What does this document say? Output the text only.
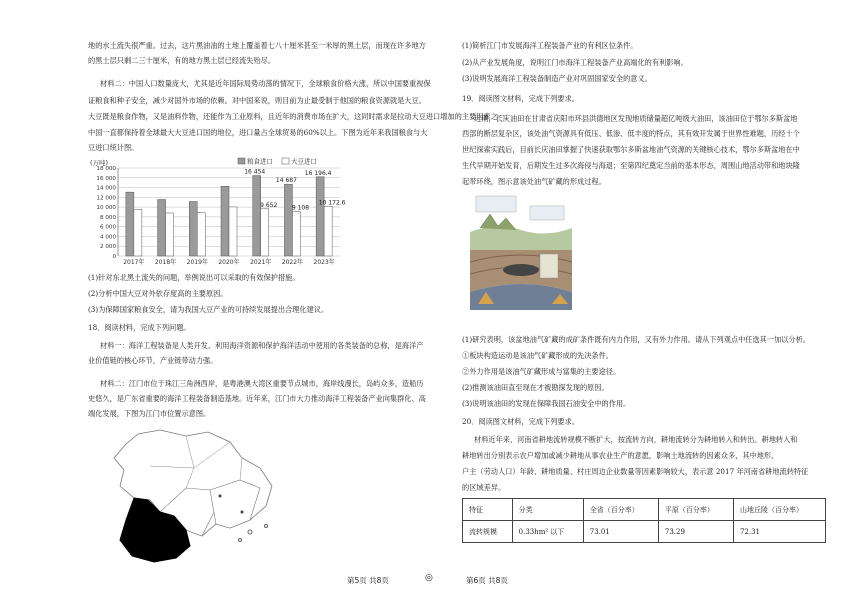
地的水土流失很严重。过去，这片黑油油的土地上覆盖着七八十厘米甚至一米厚的黑土层，而现在许多地方

的黑土层只剩二三十厘米，有的地方黑土层已经流失殆尽。

材料二：中国人口数量庞大，尤其是近年国际局势动荡的情况下，全球粮食价格大涨，所以中国要重视保

证粮食和种子安全，减少对国外市场的依赖。对中国来说，则目前为止最受制于他国的粮食资源就是大豆。

大豆既是粮食作物，又是油料作物，还能作为工业原料，且近年的消费市场在扩大，这同时需求是拉动大豆进口增加的主要因素之一。

中国一直都保持着全球最大大豆进口国的地位，进口量占全球贸易的60%以上。下图为近年来我国粮食与大

豆进口统计图。

(万吨)
0
2 000
4 000
6 000
8 000
10 000
12 000
14 000
16 000
18 000
粮食进口	大豆进口
2017年 2018年 2019年 2020年 2021年
16 454
9 652
2022年
14 687
9 108
2023年
16 196.4
10 172.6

(1)针对东北黑土流失的问题，举例说出可以采取的有效保护措施。

(2)分析中国大豆对外依存度高的主要原因。

(3)为保障国家粮食安全，请为我国大豆产业的可持续发展提出合理化建议。

18．阅读材料，完成下列问题。

材料一：海洋工程装备是人类开发、利用海洋资源和保护海洋活动中使用的各类装备的总称，是海洋产

业价值链的核心环节，产业链带动力强。

材料二：江门市位于珠江三角洲西岸，是粤港澳大湾区重要节点城市，海岸线漫长，岛屿众多，造船历

史悠久，是广东省重要的海洋工程装备制造基地。近年来，江门市大力推动海洋工程装备产业向集群化、高

端化发展，下图为江门市位置示意图。

江门

(1)简析江门市发展海洋工程装备产业的有利区位条件。

(2)从产业发展角度，说明江门市海洋工程装备产业高端化的有利影响。

(3)说明发展海洋工程装备制造产业对巩固国家安全的意义。

19．阅读图文材料，完成下列要求。

近期，长庆油田在甘肃省庆阳市环县洪德地区发现地质储量超亿吨级大油田，该油田位于鄂尔多斯盆地

西部的断层复杂区，该处油气资源具有低压、低渗、低丰度的特点，其有效开发属于世界性难题，历经十个

世纪探索实践后，目前长庆油田掌握了快速获取鄂尔多斯盆地油气资源的关键核心技术，鄂尔多斯盆地在中

生代早期开始发育，后期发生过多次海侵与海退；至第四纪奠定当前的基本形态，周围山地活动带和地块隆

起带环绕，图示意该处油气矿藏的形成过程。

(1)研究表明，该盆地油气矿藏的成矿条件既有内力作用，又有外力作用。请从下列观点中任选其一加以分析。

①板块构造运动是该油气矿藏形成的先决条件。

②外力作用是该油气矿藏形成与富集的主要途径。

(2)推测该油田直至现在才被勘探发现的原因。

(3)说明该油田的发现在保障我国石油安全中的作用。

20．阅读图文材料，完成下列要求。

材料近年来，河南省耕地流转规模不断扩大，按流转方向，耕地流转分为耕地转入和转出。耕地转入和

耕地转出分别表示农户增加或减少耕地从事农业生产的意愿，影响土地流转的因素众多，其中地形、

户主（劳动人口）年龄、耕地质量、村庄周边企业数量等因素影响较大，表示意 2017 年河南省耕地流转特征

的区域差异。

特征	分类	全省（百分率）	平原（百分率）	山地丘陵（百分率）
流转规模	0.33hm² 以下	73.01	73.29	72.31
第5页 共8页	◎	第6页 共8页
